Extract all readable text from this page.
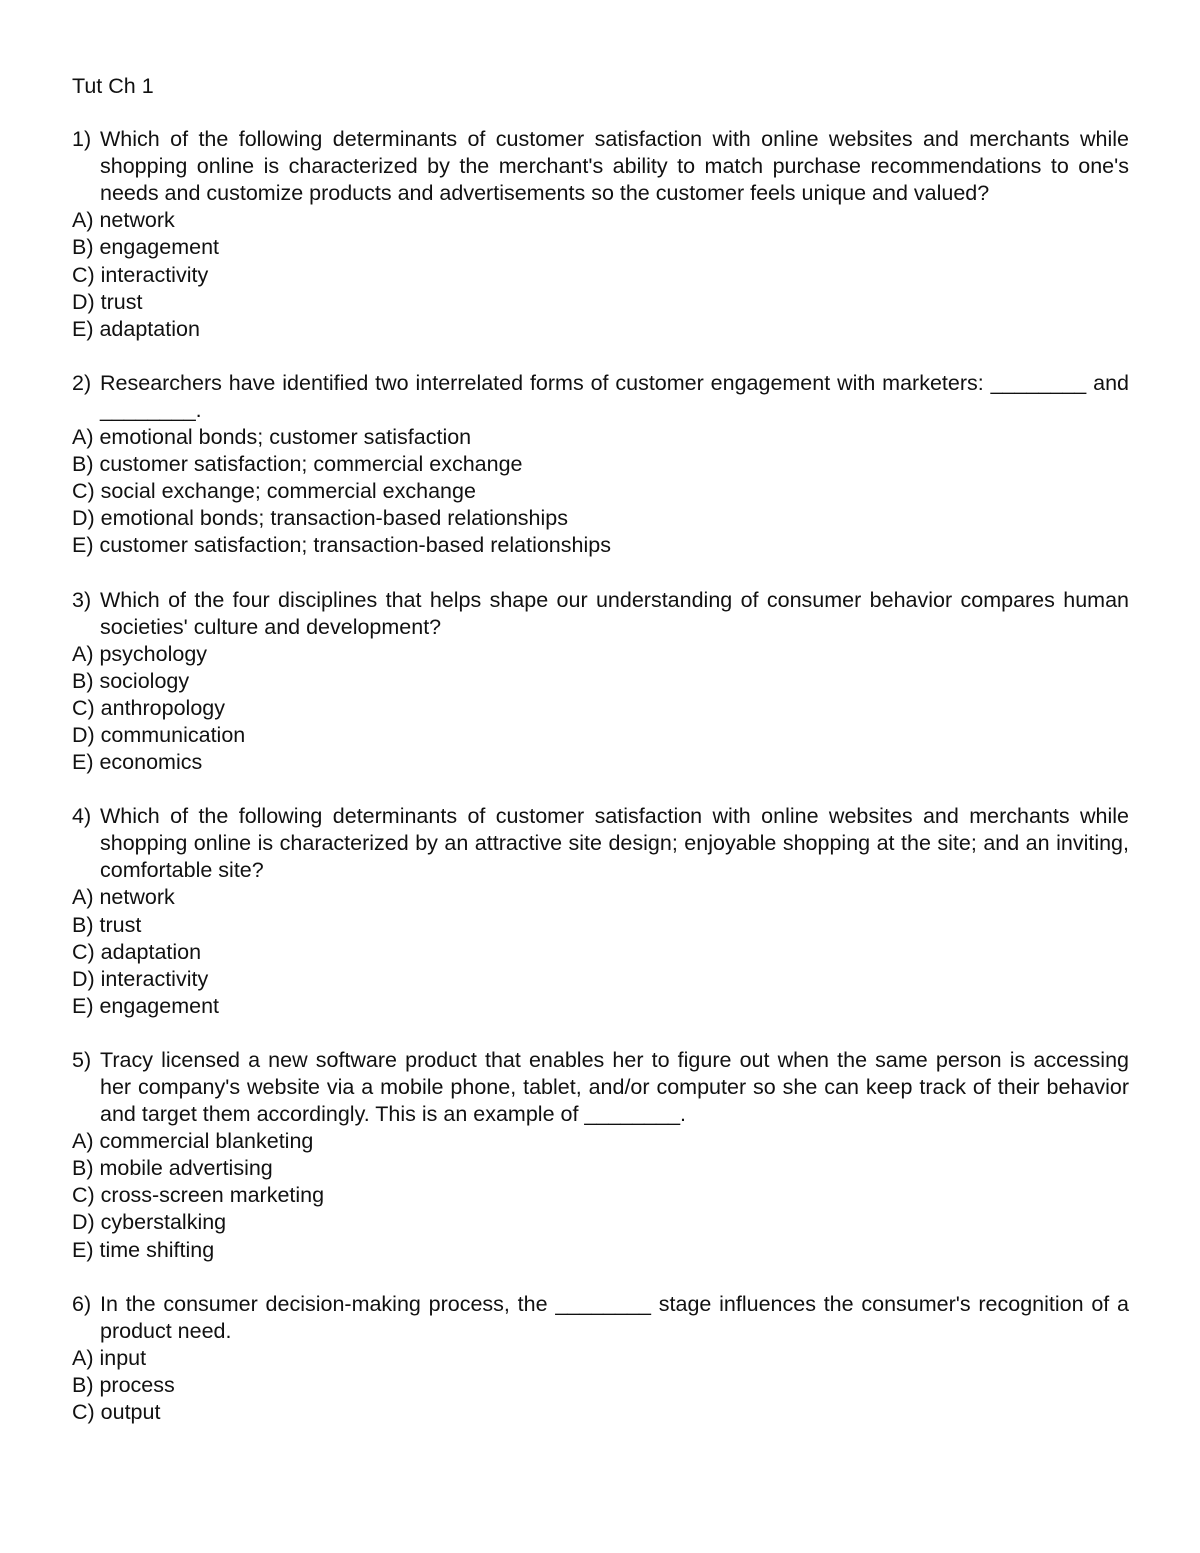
Tut Ch 1
1) Which of the following determinants of customer satisfaction with online websites and merchants while shopping online is characterized by the merchant's ability to match purchase recommendations to one's needs and customize products and advertisements so the customer feels unique and valued?
A) network
B) engagement
C) interactivity
D) trust
E) adaptation
2) Researchers have identified two interrelated forms of customer engagement with marketers: ________ and ________.
A) emotional bonds; customer satisfaction
B) customer satisfaction; commercial exchange
C) social exchange; commercial exchange
D) emotional bonds; transaction-based relationships
E) customer satisfaction; transaction-based relationships
3) Which of the four disciplines that helps shape our understanding of consumer behavior compares human societies' culture and development?
A) psychology
B) sociology
C) anthropology
D) communication
E) economics
4) Which of the following determinants of customer satisfaction with online websites and merchants while shopping online is characterized by an attractive site design; enjoyable shopping at the site; and an inviting, comfortable site?
A) network
B) trust
C) adaptation
D) interactivity
E) engagement
5) Tracy licensed a new software product that enables her to figure out when the same person is accessing her company's website via a mobile phone, tablet, and/or computer so she can keep track of their behavior and target them accordingly. This is an example of ________.
A) commercial blanketing
B) mobile advertising
C) cross-screen marketing
D) cyberstalking
E) time shifting
6) In the consumer decision-making process, the ________ stage influences the consumer's recognition of a product need.
A) input
B) process
C) output
